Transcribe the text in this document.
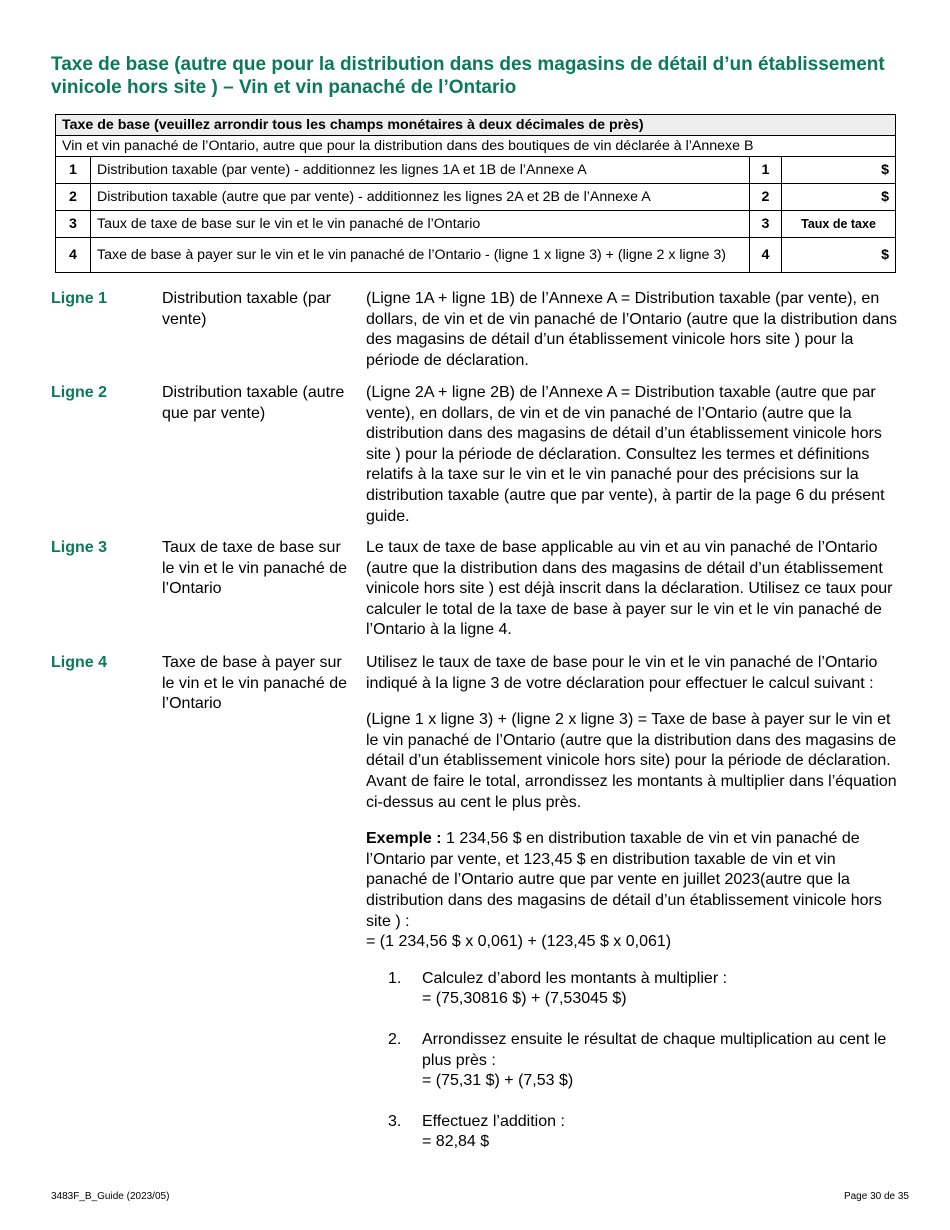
Taxe de base (autre que pour la distribution dans des magasins de détail d’un établissement vinicole hors site ) – Vin et vin panaché de l’Ontario
Taxe de base (veuillez arrondir tous les champs monétaires à deux décimales de près)			
Vin et vin panaché de l’Ontario, autre que pour la distribution dans des boutiques de vin déclarée à l’Annexe B			
1	Distribution taxable (par vente) - additionnez les lignes 1A et 1B de l’Annexe A	1	$
2	Distribution taxable (autre que par vente) - additionnez les lignes 2A et 2B de l’Annexe A	2	$
3	Taux de taxe de base sur le vin et le vin panaché de l’Ontario	3	Taux de taxe
4	Taxe de base à payer sur le vin et le vin panaché de l’Ontario - (ligne 1 x ligne 3) + (ligne 2 x ligne 3)	4	$
Ligne 1	Distribution taxable (par vente)
(Ligne 1A + ligne 1B) de l’Annexe A = Distribution taxable (par vente), en dollars, de vin et de vin panaché de l’Ontario (autre que la distribution dans des magasins de détail d’un établissement vinicole hors site ) pour la période de déclaration.
Ligne 2	Distribution taxable (autre que par vente)
(Ligne 2A + ligne 2B) de l’Annexe A = Distribution taxable (autre que par vente), en dollars, de vin et de vin panaché de l’Ontario (autre que la distribution dans des magasins de détail d’un établissement vinicole hors site ) pour la période de déclaration. Consultez les termes et définitions relatifs à la taxe sur le vin et le vin panaché pour des précisions sur la distribution taxable (autre que par vente), à partir de la page 6 du présent guide.
Ligne 3	Taux de taxe de base sur le vin et le vin panaché de l’Ontario
Le taux de taxe de base applicable au vin et au vin panaché de l’Ontario (autre que la distribution dans des magasins de détail d’un établissement vinicole hors site ) est déjà inscrit dans la déclaration. Utilisez ce taux pour calculer le total de la taxe de base à payer sur le vin et le vin panaché de l’Ontario à la ligne 4.
Ligne 4	Taxe de base à payer sur le vin et le vin panaché de l’Ontario

Utilisez le taux de taxe de base pour le vin et le vin panaché de l’Ontario indiqué à la ligne 3 de votre déclaration pour effectuer le calcul suivant :

(Ligne 1 x ligne 3) + (ligne 2 x ligne 3) = Taxe de base à payer sur le vin et le vin panaché de l’Ontario (autre que la distribution dans des magasins de détail d’un établissement vinicole hors site) pour la période de déclaration. Avant de faire le total, arrondissez les montants à multiplier dans l’équation ci-dessus au cent le plus près.

Exemple : 1 234,56 $ en distribution taxable de vin et vin panaché de l’Ontario par vente, et 123,45 $ en distribution taxable de vin et vin panaché de l’Ontario autre que par vente en juillet 2023(autre que la distribution dans des magasins de détail d’un établissement vinicole hors site ) :
= (1 234,56 $ x 0,061) + (123,45 $ x 0,061)

1. Calculez d’abord les montants à multiplier :
= (75,30816 $) + (7,53045 $)
2. Arrondissez ensuite le résultat de chaque multiplication au cent le plus près :
= (75,31 $) + (7,53 $)
3. Effectuez l’addition :
= 82,84 $
3483F_B_Guide (2023/05)	Page 30 de 35
